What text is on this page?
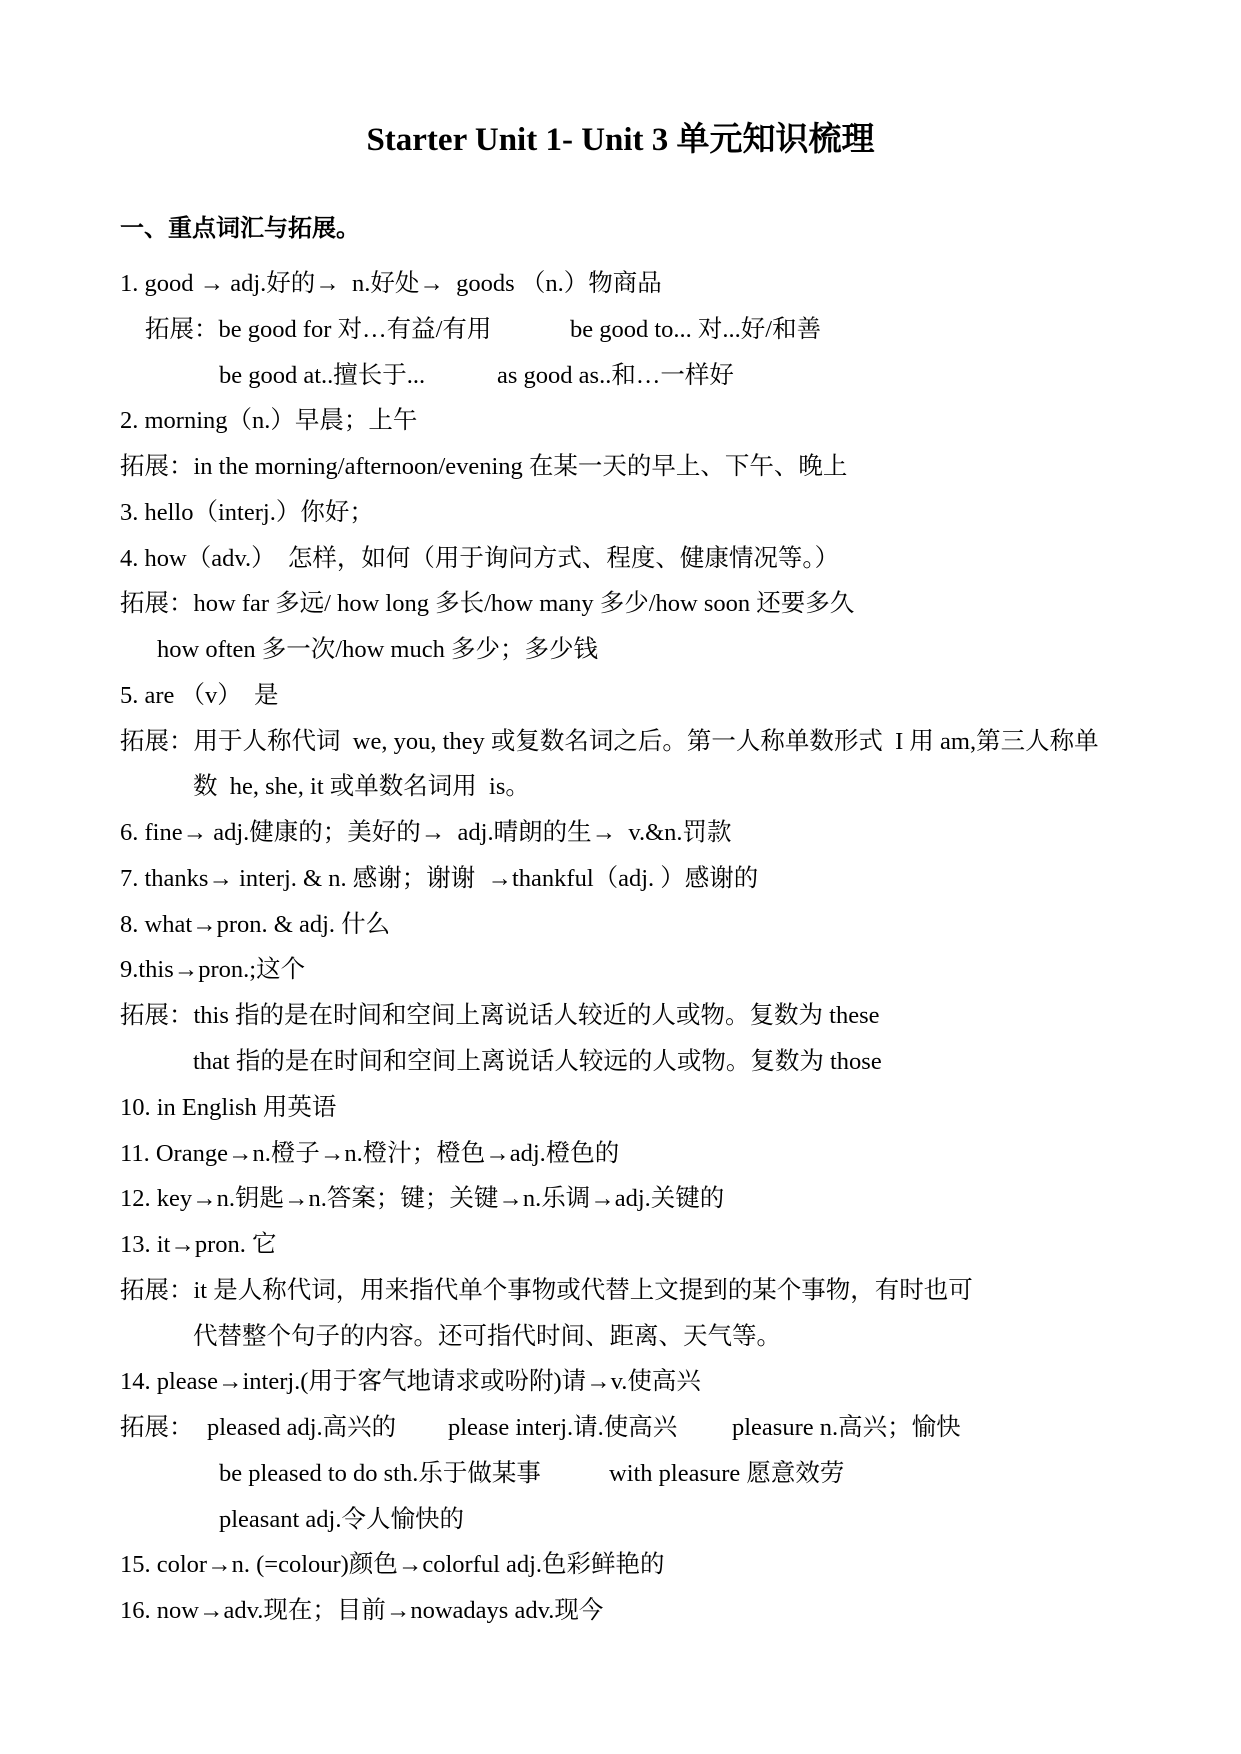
Starter Unit 1- Unit 3 单元知识梳理
一、重点词汇与拓展。
1. good → adj.好的→  n.好处→  goods （n.）物商品
拓展：be good for 对…有益/有用	be good to... 对...好/和善
be good at..擅长于...	as good as..和…一样好
2. morning（n.）早晨；上午
拓展：in the morning/afternoon/evening 在某一天的早上、下午、晚上
3. hello（interj.）你好；
4. how（adv.）  怎样，如何（用于询问方式、程度、健康情况等。）
拓展：how far 多远/ how long 多长/how many 多少/how soon 还要多久
how often 多一次/how much 多少；多少钱
5. are （v）  是
拓展：用于人称代词  we, you, they 或复数名词之后。第一人称单数形式  I 用 am,第三人称单
数  he, she, it 或单数名词用  is。
6. fine→ adj.健康的；美好的→  adj.晴朗的生→  v.&n.罚款
7. thanks→ interj. & n. 感谢；谢谢  →thankful（adj. ）感谢的
8. what→pron. & adj. 什么
9.this→pron.;这个
拓展：this 指的是在时间和空间上离说话人较近的人或物。复数为 these
that 指的是在时间和空间上离说话人较远的人或物。复数为 those
10. in English 用英语
11. Orange→n.橙子→n.橙汁；橙色→adj.橙色的
12. key→n.钥匙→n.答案；键；关键→n.乐调→adj.关键的
13. it→pron. 它
拓展：it 是人称代词，用来指代单个事物或代替上文提到的某个事物，有时也可
代替整个句子的内容。还可指代时间、距离、天气等。
14. please→interj.(用于客气地请求或吩附)请→v.使高兴
拓展： pleased adj.高兴的 please interj.请.使高兴 pleasure n.高兴；愉快
be pleased to do sth.乐于做某事	with pleasure 愿意效劳
pleasant adj.令人愉快的
15. color→n. (=colour)颜色→colorful adj.色彩鲜艳的
16. now→adv.现在；目前→nowadays adv.现今
